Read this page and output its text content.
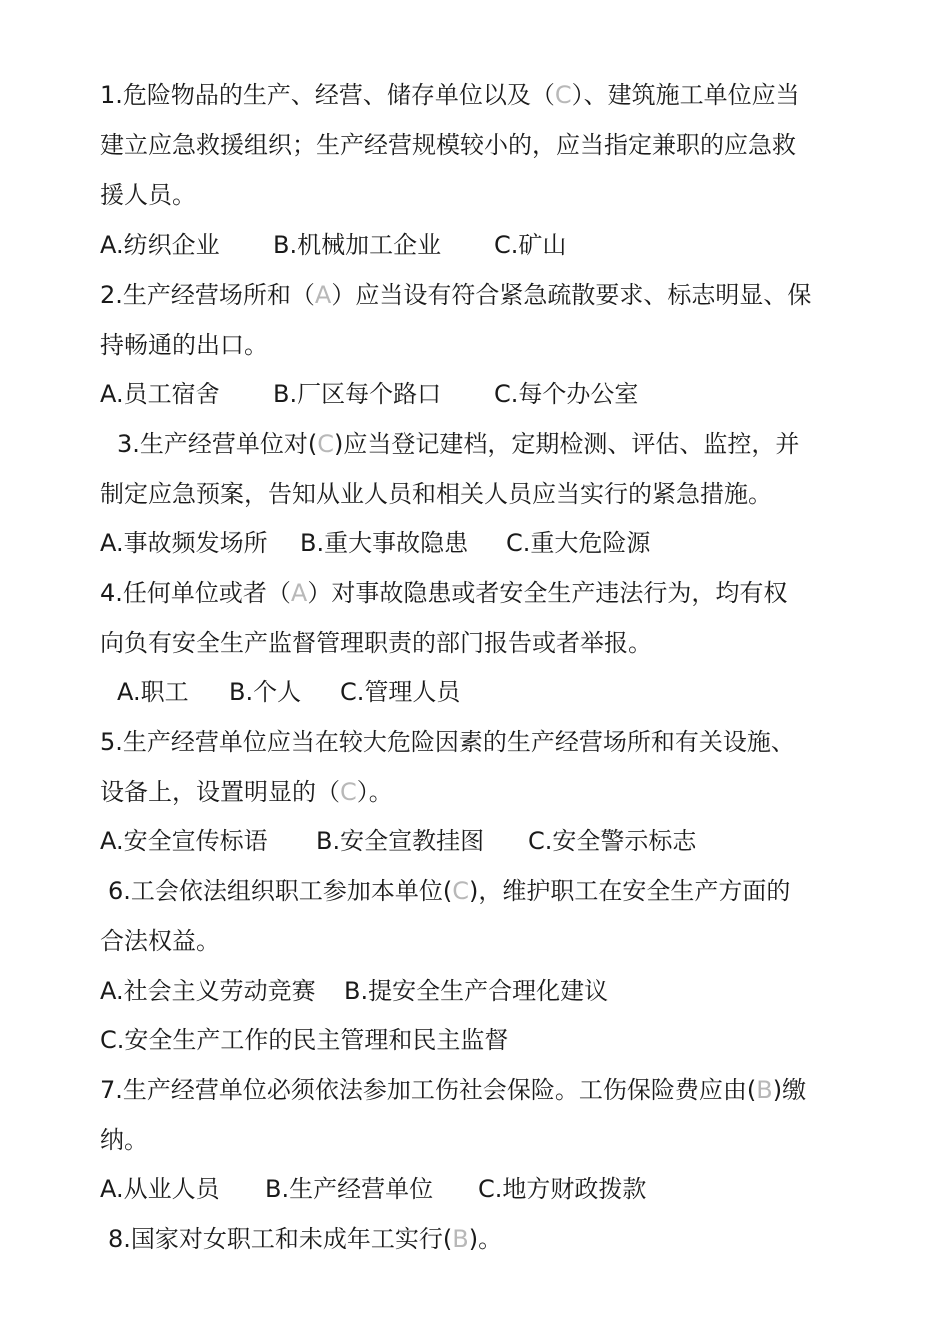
1.危险物品的生产、经营、储存单位以及（C）、建筑施工单位应当
建立应急救援组织；生产经营规模较小的，应当指定兼职的应急救
援人员。
A.纺织企业 B.机械加工企业 C.矿山
2.生产经营场所和（A）应当设有符合紧急疏散要求、标志明显、保
持畅通的出口。
A.员工宿舍 B.厂区每个路口 C.每个办公室
3.生产经营单位对(C)应当登记建档，定期检测、评估、监控，并
制定应急预案，告知从业人员和相关人员应当实行的紧急措施。
A.事故频发场所 B.重大事故隐患 C.重大危险源
4.任何单位或者（A）对事故隐患或者安全生产违法行为，均有权
向负有安全生产监督管理职责的部门报告或者举报。
A.职工 B.个人 C.管理人员
5.生产经营单位应当在较大危险因素的生产经营场所和有关设施、
设备上，设置明显的（C）。
A.安全宣传标语 B.安全宣教挂图 C.安全警示标志
6.工会依法组织职工参加本单位(C)，维护职工在安全生产方面的
合法权益。
A.社会主义劳动竞赛 B.提安全生产合理化建议
C.安全生产工作的民主管理和民主监督
7.生产经营单位必须依法参加工伤社会保险。工伤保险费应由(B)缴
纳。
A.从业人员 B.生产经营单位 C.地方财政拨款
8.国家对女职工和未成年工实行(B)。
